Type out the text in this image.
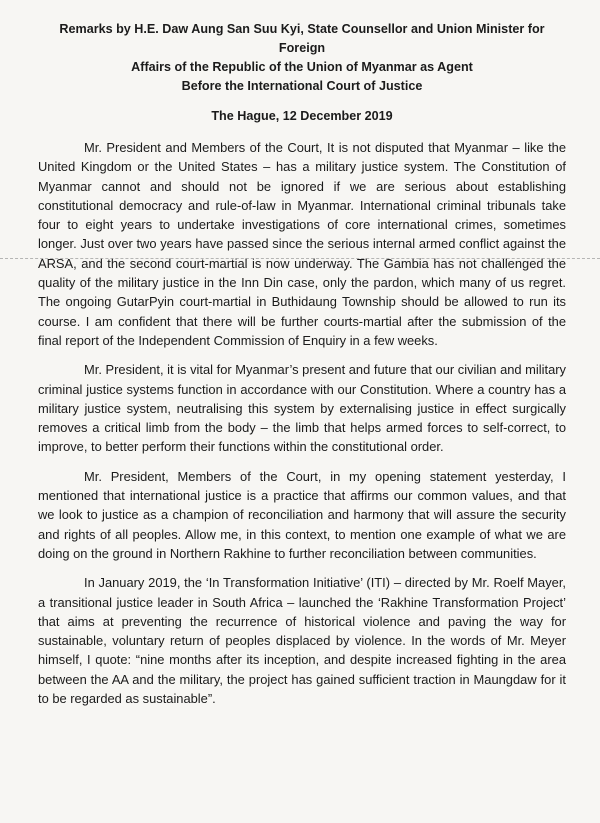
Remarks by H.E. Daw Aung San Suu Kyi, State Counsellor and Union Minister for Foreign
Affairs of the Republic of the Union of Myanmar as Agent
Before the International Court of Justice
The Hague, 12 December 2019

Mr. President and Members of the Court, It is not disputed that Myanmar – like the United Kingdom or the United States – has a military justice system. The Constitution of Myanmar cannot and should not be ignored if we are serious about establishing constitutional democracy and rule-of-law in Myanmar. International criminal tribunals take four to eight years to undertake investigations of core international crimes, sometimes longer. Just over two years have passed since the serious internal armed conflict against the ARSA, and the second court-martial is now underway. The Gambia has not challenged the quality of the military justice in the Inn Din case, only the pardon, which many of us regret. The ongoing GutarPyin court-martial in Buthidaung Township should be allowed to run its course. I am confident that there will be further courts-martial after the submission of the final report of the Independent Commission of Enquiry in a few weeks.

Mr. President, it is vital for Myanmar’s present and future that our civilian and military criminal justice systems function in accordance with our Constitution. Where a country has a military justice system, neutralising this system by externalising justice in effect surgically removes a critical limb from the body – the limb that helps armed forces to self-correct, to improve, to better perform their functions within the constitutional order.

Mr. President, Members of the Court, in my opening statement yesterday, I mentioned that international justice is a practice that affirms our common values, and that we look to justice as a champion of reconciliation and harmony that will assure the security and rights of all peoples. Allow me, in this context, to mention one example of what we are doing on the ground in Northern Rakhine to further reconciliation between communities.

In January 2019, the ‘In Transformation Initiative’ (ITI) – directed by Mr. Roelf Mayer, a transitional justice leader in South Africa – launched the ‘Rakhine Transformation Project’ that aims at preventing the recurrence of historical violence and paving the way for sustainable, voluntary return of peoples displaced by violence. In the words of Mr. Meyer himself, I quote: “nine months after its inception, and despite increased fighting in the area between the AA and the military, the project has gained sufficient traction in Maungdaw for it to be regarded as sustainable”.
